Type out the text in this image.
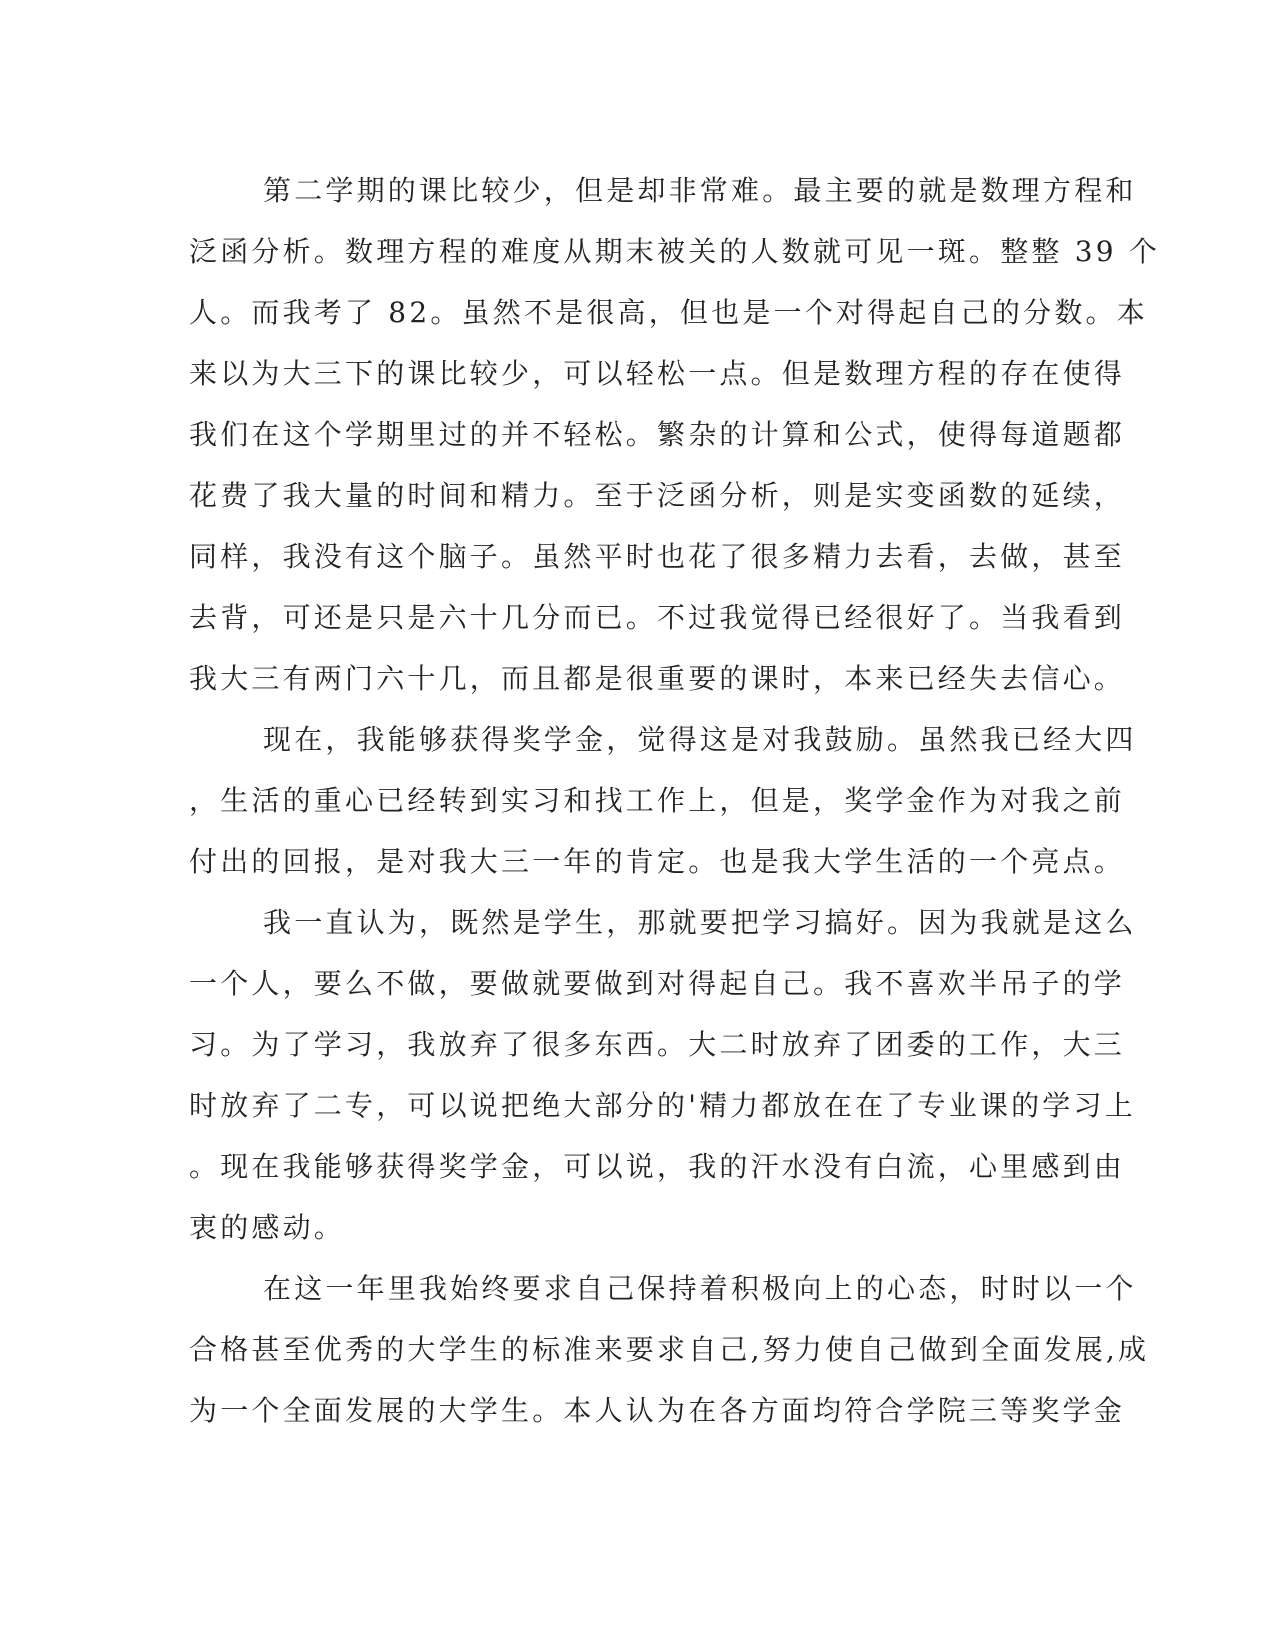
第二学期的课比较少，但是却非常难。最主要的就是数理方程和
泛函分析。数理方程的难度从期末被关的人数就可见一斑。整整 39 个
人。而我考了 82。虽然不是很高，但也是一个对得起自己的分数。本
来以为大三下的课比较少，可以轻松一点。但是数理方程的存在使得
我们在这个学期里过的并不轻松。繁杂的计算和公式，使得每道题都
花费了我大量的时间和精力。至于泛函分析，则是实变函数的延续，
同样，我没有这个脑子。虽然平时也花了很多精力去看，去做，甚至
去背，可还是只是六十几分而已。不过我觉得已经很好了。当我看到
我大三有两门六十几，而且都是很重要的课时，本来已经失去信心。
现在，我能够获得奖学金，觉得这是对我鼓励。虽然我已经大四
，生活的重心已经转到实习和找工作上，但是，奖学金作为对我之前
付出的回报，是对我大三一年的肯定。也是我大学生活的一个亮点。
我一直认为，既然是学生，那就要把学习搞好。因为我就是这么
一个人，要么不做，要做就要做到对得起自己。我不喜欢半吊子的学
习。为了学习，我放弃了很多东西。大二时放弃了团委的工作，大三
时放弃了二专，可以说把绝大部分的'精力都放在在了专业课的学习上
。现在我能够获得奖学金，可以说，我的汗水没有白流，心里感到由
衷的感动。
在这一年里我始终要求自己保持着积极向上的心态，时时以一个
合格甚至优秀的大学生的标准来要求自己,努力使自己做到全面发展,成
为一个全面发展的大学生。本人认为在各方面均符合学院三等奖学金
